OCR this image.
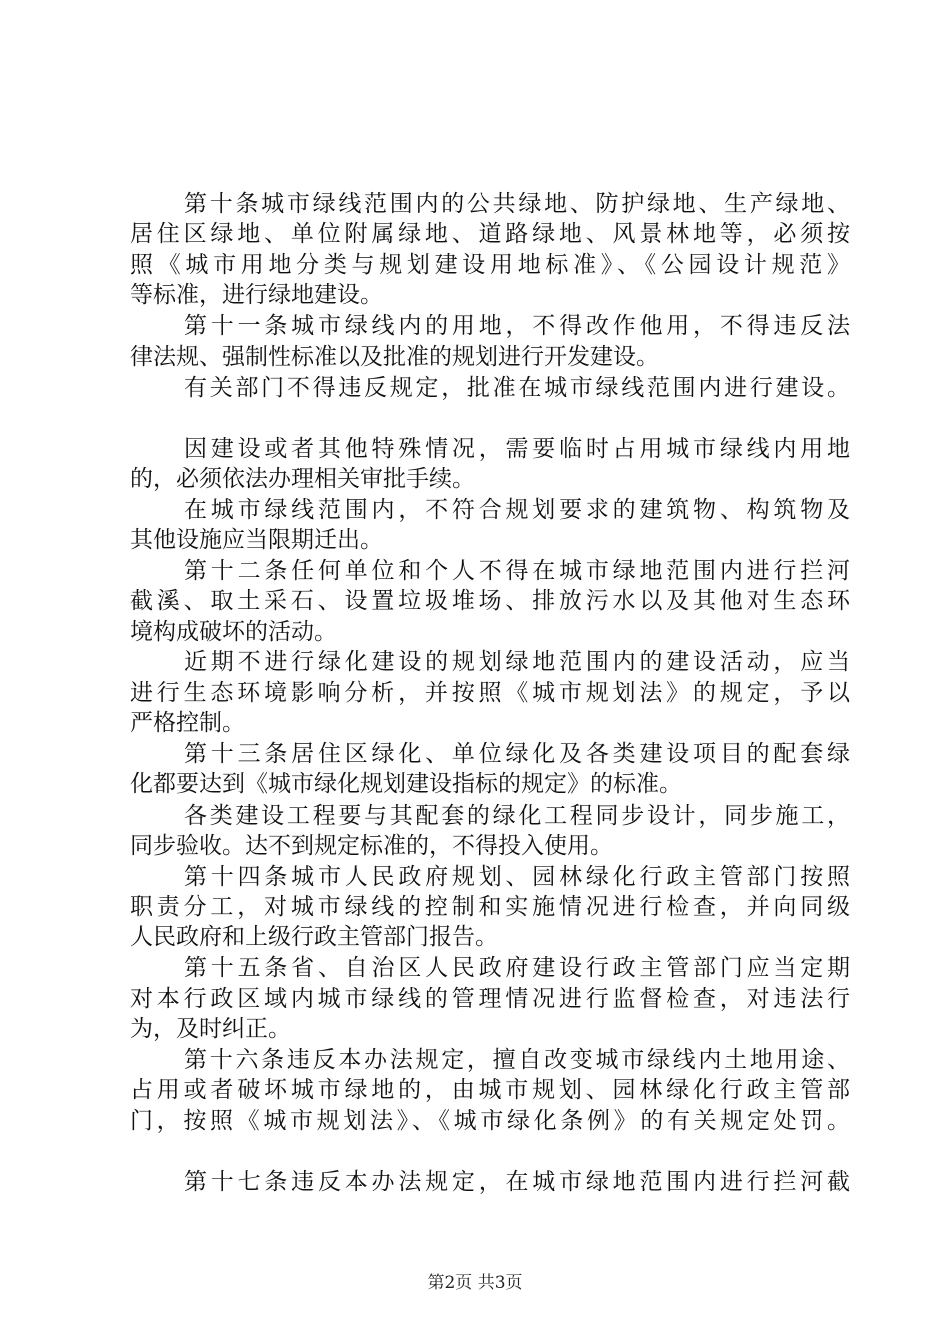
第十条城市绿线范围内的公共绿地、防护绿地、生产绿地、
居住区绿地、单位附属绿地、道路绿地、风景林地等，必须按
照《城市用地分类与规划建设用地标准》、《公园设计规范》
等标准，进行绿地建设。
第十一条城市绿线内的用地，不得改作他用，不得违反法
律法规、强制性标准以及批准的规划进行开发建设。
有关部门不得违反规定，批准在城市绿线范围内进行建设。
因建设或者其他特殊情况，需要临时占用城市绿线内用地
的，必须依法办理相关审批手续。
在城市绿线范围内，不符合规划要求的建筑物、构筑物及
其他设施应当限期迁出。
第十二条任何单位和个人不得在城市绿地范围内进行拦河
截溪、取土采石、设置垃圾堆场、排放污水以及其他对生态环
境构成破坏的活动。
近期不进行绿化建设的规划绿地范围内的建设活动，应当
进行生态环境影响分析，并按照《城市规划法》的规定，予以
严格控制。
第十三条居住区绿化、单位绿化及各类建设项目的配套绿
化都要达到《城市绿化规划建设指标的规定》的标准。
各类建设工程要与其配套的绿化工程同步设计，同步施工，
同步验收。达不到规定标准的，不得投入使用。
第十四条城市人民政府规划、园林绿化行政主管部门按照
职责分工，对城市绿线的控制和实施情况进行检查，并向同级
人民政府和上级行政主管部门报告。
第十五条省、自治区人民政府建设行政主管部门应当定期
对本行政区域内城市绿线的管理情况进行监督检查，对违法行
为，及时纠正。
第十六条违反本办法规定，擅自改变城市绿线内土地用途、
占用或者破坏城市绿地的，由城市规划、园林绿化行政主管部
门，按照《城市规划法》、《城市绿化条例》的有关规定处罚。
第十七条违反本办法规定，在城市绿地范围内进行拦河截
第2页 共3页
